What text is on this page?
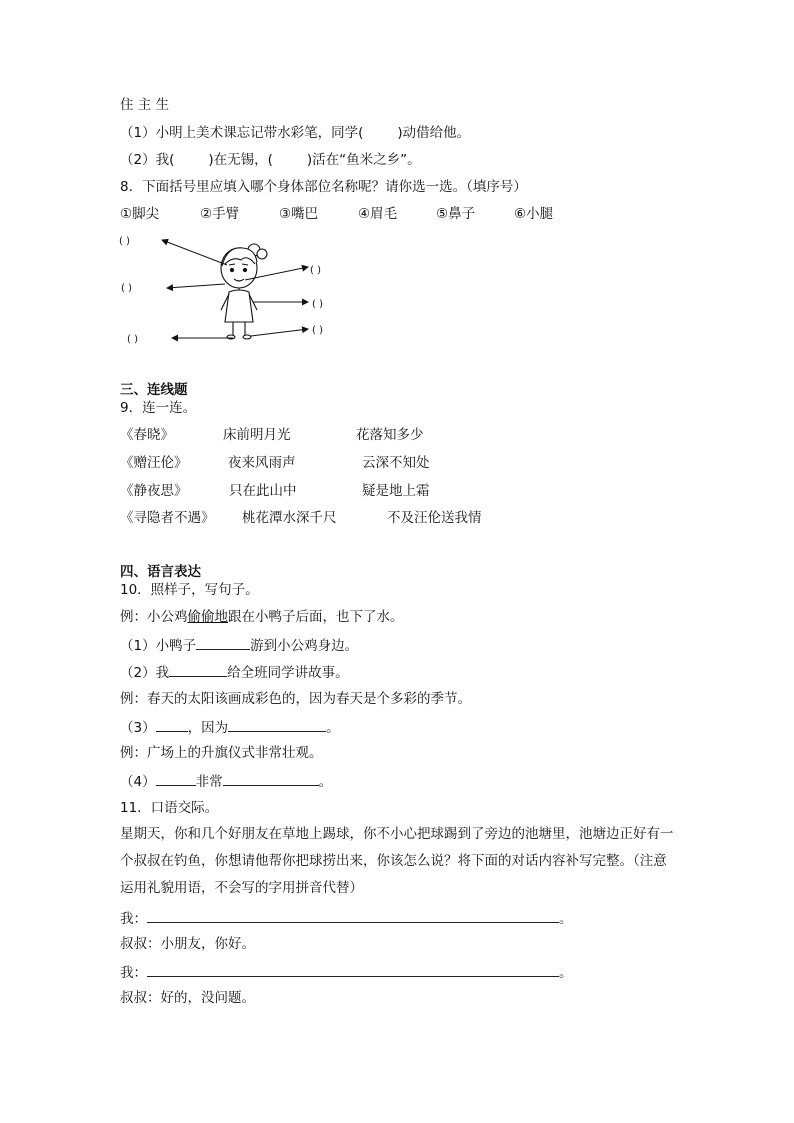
住 主 生
（1）小明上美术课忘记带水彩笔，同学(	)动借给他。
（2）我(	)在无锡，(	)活在“鱼米之乡”。
8．下面括号里应填入哪个身体部位名称呢？请你选一选。（填序号）
①脚尖	②手臂	③嘴巴	④眉毛	⑤鼻子	⑥小腿
( )
( )
( )
( )
( )
( )
三、连线题
9．连一连。
《春晓》	床前明月光	花落知多少
《赠汪伦》	夜来风雨声	云深不知处
《静夜思》	只在此山中	疑是地上霜
《寻隐者不遇》 桃花潭水深千尺	不及汪伦送我情
四、语言表达
10．照样子，写句子。
例：小公鸡偷偷地跟在小鸭子后面，也下了水。
（1）小鸭子	游到小公鸡身边。
（2）我	给全班同学讲故事。
例：春天的太阳该画成彩色的，因为春天是个多彩的季节。
（3） ，因为	。
例：广场上的升旗仪式非常壮观。
（4）	非常	。
11．口语交际。
星期天，你和几个好朋友在草地上踢球，你不小心把球踢到了旁边的池塘里，池塘边正好有一个叔叔在钓鱼，你想请他帮你把球捞出来，你该怎么说？将下面的对话内容补写完整。（注意运用礼貌用语，不会写的字用拼音代替）
我：	。
叔叔：小朋友，你好。
我：	。
叔叔：好的，没问题。
